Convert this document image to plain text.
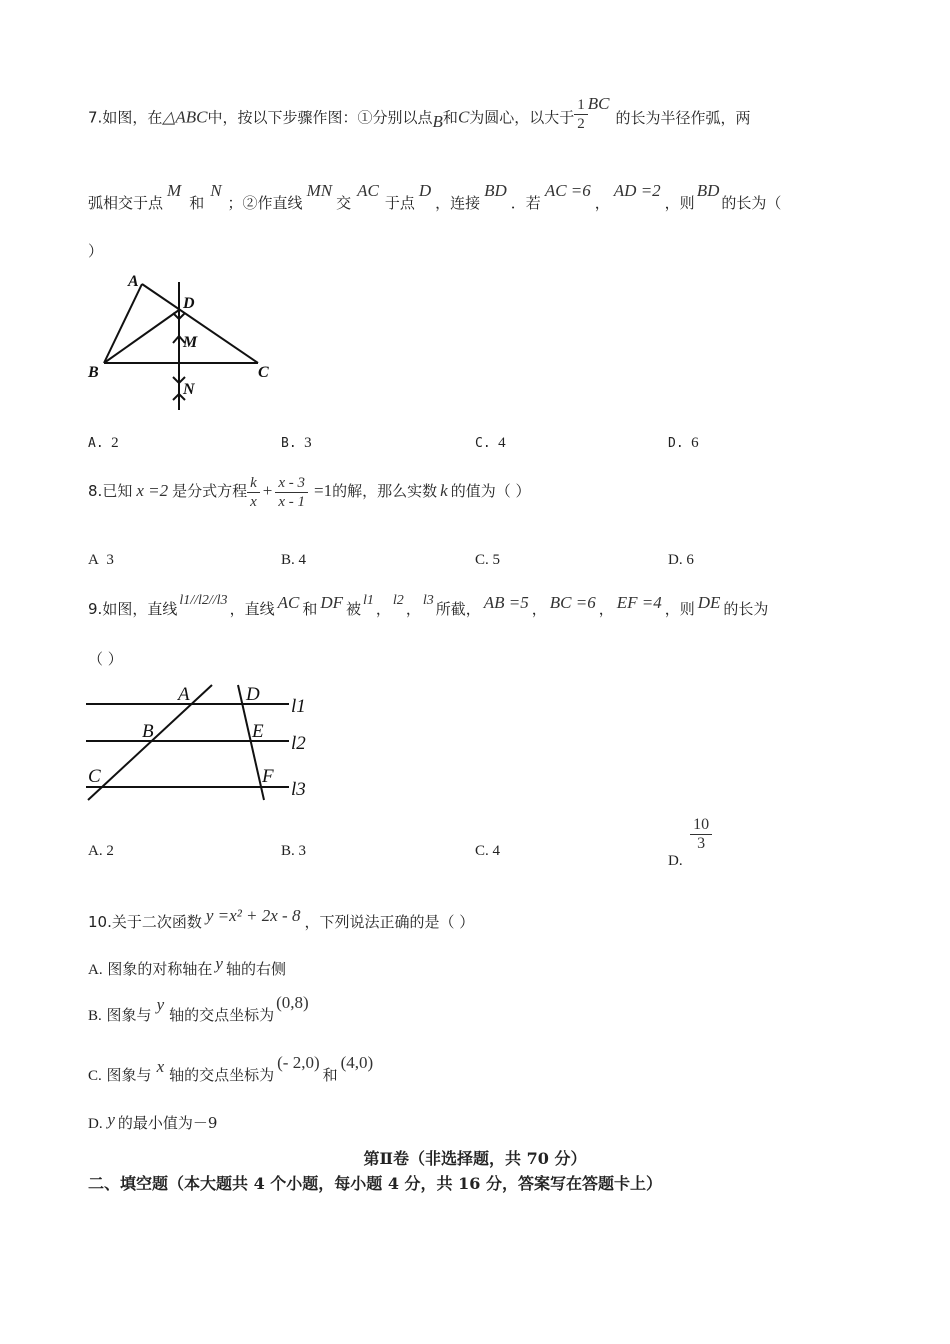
7.如图，在△ABC中，按以下步骤作图：①分别以点B和C为圆心，以大于 $\frac{1}{2}$ BC的长为半径作弧，两
弧相交于点M和N；②作直线MN交AC于点D，连接BD．若AC =6，AD =2，则BD的长为（
）
A
D
M
B	C
N
A. 2	B. 3	C. 4	D. 6
8.已知 x =2 是分式方程 $\frac{k}{x} + \frac{x - 3}{x - 1} =1$的解，那么实数 k 的值为（ ）
A 3	B. 4	C. 5	D. 6
9.如图，直线 l1//l2//l3 ，直线 AC 和 DF 被 l1 ， l2 ， l3 所截， AB =5 ， BC =6 ， EF =4 ，则 DE 的长为
（ ）
A	D
B	E
C	F
l1
l2
l3
A. 2	B. 3	C. 4
D.
$\frac{10}{3}$
10.关于二次函数 y =x² + 2x - 8 ，下列说法正确的是（ ）
A. 图象的对称轴在 y 轴的右侧
B. 图象与y轴的交点坐标为(0,8)
C. 图象与 x 轴的交点坐标为(- 2,0)和(4,0)
D. y 的最小值为－9
第Ⅱ卷（非选择题，共 70 分）
二、填空题（本大题共 4 个小题，每小题 4 分，共 16 分，答案写在答题卡上）
